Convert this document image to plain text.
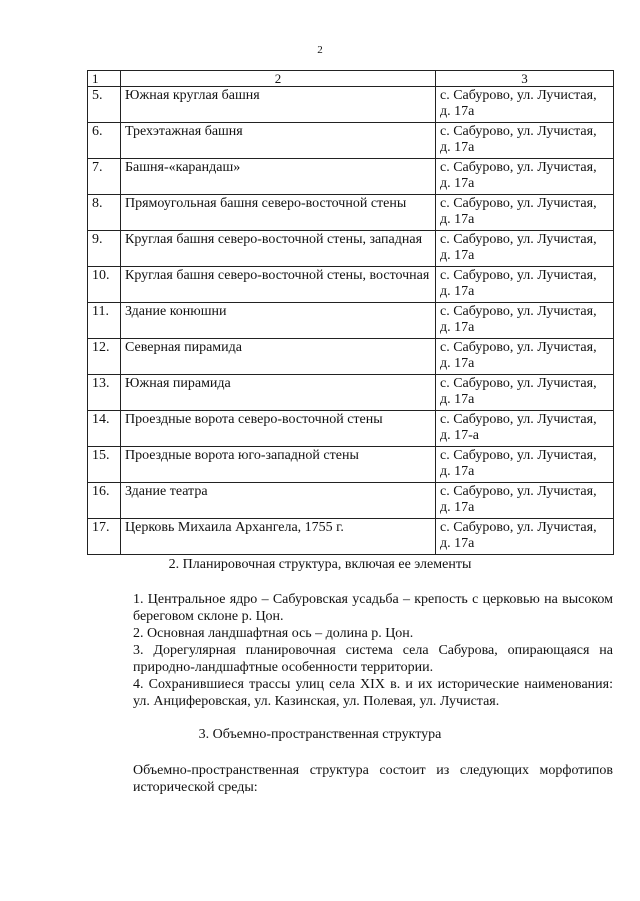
2
1	2	3
5.	Южная круглая башня	с. Сабурово, ул. Лучистая, д. 17а
6.	Трехэтажная башня	с. Сабурово, ул. Лучистая, д. 17а
7.	Башня-«карандаш»	с. Сабурово, ул. Лучистая, д. 17а
8.	Прямоугольная башня северо-восточной стены	с. Сабурово, ул. Лучистая, д. 17а
9.	Круглая башня северо-восточной стены, западная	с. Сабурово, ул. Лучистая, д. 17а
10.	Круглая башня северо-восточной стены, восточная	с. Сабурово, ул. Лучистая, д. 17а
11.	Здание конюшни	с. Сабурово, ул. Лучистая, д. 17а
12.	Северная пирамида	с. Сабурово, ул. Лучистая, д. 17а
13.	Южная пирамида	с. Сабурово, ул. Лучистая, д. 17а
14.	Проездные ворота северо-восточной стены	с. Сабурово, ул. Лучистая, д. 17-а
15.	Проездные ворота юго-западной стены	с. Сабурово, ул. Лучистая, д. 17а
16.	Здание театра	с. Сабурово, ул. Лучистая, д. 17а
17.	Церковь Михаила Архангела, 1755 г.	с. Сабурово, ул. Лучистая, д. 17а
2. Планировочная структура, включая ее элементы
1. Центральное ядро – Сабуровская усадьба – крепость с церковью на высоком береговом склоне р. Цон.
2. Основная ландшафтная ось – долина р. Цон.
3. Дорегулярная планировочная система села Сабурова, опирающаяся на природно-ландшафтные особенности территории.
4. Сохранившиеся трассы улиц села XIX в. и их исторические наименования: ул. Анциферовская, ул. Казинская, ул. Полевая, ул. Лучистая.
3. Объемно-пространственная структура
Объемно-пространственная структура состоит из следующих морфотипов исторической среды:
